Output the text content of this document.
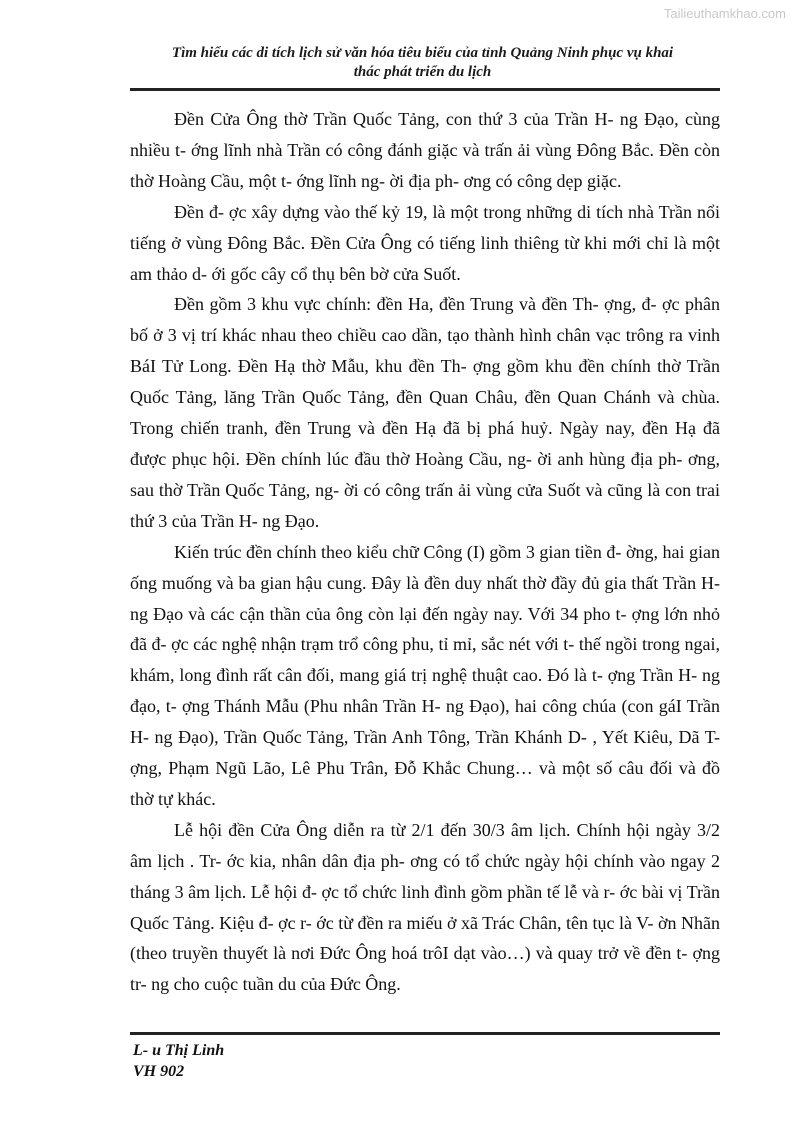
Tailieuthamkhao.com
Tìm hiểu các di tích lịch sử văn hóa tiêu biểu của tỉnh Quảng Ninh phục vụ khai
thác phát triển du lịch

Đền Cửa Ông thờ Trần Quốc Tảng, con thứ 3 của Trần H- ng Đạo, cùng nhiều t- ớng lĩnh nhà Trần có công đánh giặc và trấn ải vùng Đông Bắc. Đền còn thờ Hoàng Cầu, một t- ớng lĩnh ng- ời địa ph- ơng có công dẹp giặc.

Đền đ- ợc xây dựng vào thế kỷ 19, là một trong những di tích nhà Trần nổi tiếng ở vùng Đông Bắc. Đền Cửa Ông có tiếng linh thiêng từ khi mới chỉ là một am thảo d- ới gốc cây cổ thụ bên bờ cửa Suốt.

Đền gồm 3 khu vực chính: đền Ha, đền Trung và đền Th- ợng, đ- ợc phân bố ở 3 vị trí khác nhau theo chiều cao dần, tạo thành hình chân vạc trông ra vinh BáI Tử Long. Đền Hạ thờ Mẫu, khu đền Th- ợng gồm khu đền chính thờ Trần Quốc Tảng, lăng Trần Quốc Tảng, đền Quan Châu, đền Quan Chánh và chùa. Trong chiến tranh, đền Trung và đền Hạ đã bị phá huỷ. Ngày nay, đền Hạ đã được phục hội. Đền chính lúc đầu thờ Hoàng Cầu, ng- ời anh hùng địa ph- ơng, sau thờ Trần Quốc Tảng, ng- ời có công trấn ải vùng cửa Suốt và cũng là con trai thứ 3 của Trần H- ng Đạo.

Kiến trúc đền chính theo kiểu chữ Công (I) gồm 3 gian tiền đ- ờng, hai gian ống muống và ba gian hậu cung. Đây là đền duy nhất thờ đầy đủ gia thất Trần H- ng Đạo và các cận thần của ông còn lại đến ngày nay. Với 34 pho t- ợng lớn nhỏ đã đ- ợc các nghệ nhận trạm trổ công phu, tỉ mỉ, sắc nét với t- thế ngồi trong ngai, khám, long đình rất cân đối, mang giá trị nghệ thuật cao. Đó là t- ợng Trần H- ng đạo, t- ợng Thánh Mẫu (Phu nhân Trần H- ng Đạo), hai công chúa (con gáI Trần H- ng Đạo), Trần Quốc Tảng, Trần Anh Tông, Trần Khánh D- , Yết Kiêu, Dã T- ợng, Phạm Ngũ Lão, Lê Phu Trân, Đỗ Khắc Chung… và một số câu đối và đồ thờ tự khác.

Lễ hội đền Cửa Ông diễn ra từ 2/1 đến 30/3 âm lịch. Chính hội ngày 3/2 âm lịch . Tr- ớc kia, nhân dân địa ph- ơng có tổ chức ngày hội chính vào ngay 2 tháng 3 âm lịch. Lễ hội đ- ợc tổ chức linh đình gồm phần tế lễ và r- ớc bài vị Trần Quốc Tảng. Kiệu đ- ợc r- ớc từ đền ra miếu ở xã Trác Chân, tên tục là V- ờn Nhãn (theo truyền thuyết là nơi Đức Ông hoá trôI dạt vào…) và quay trở về đền t- ợng tr- ng cho cuộc tuần du của Đức Ông.

L- u Thị Linh
VH 902
